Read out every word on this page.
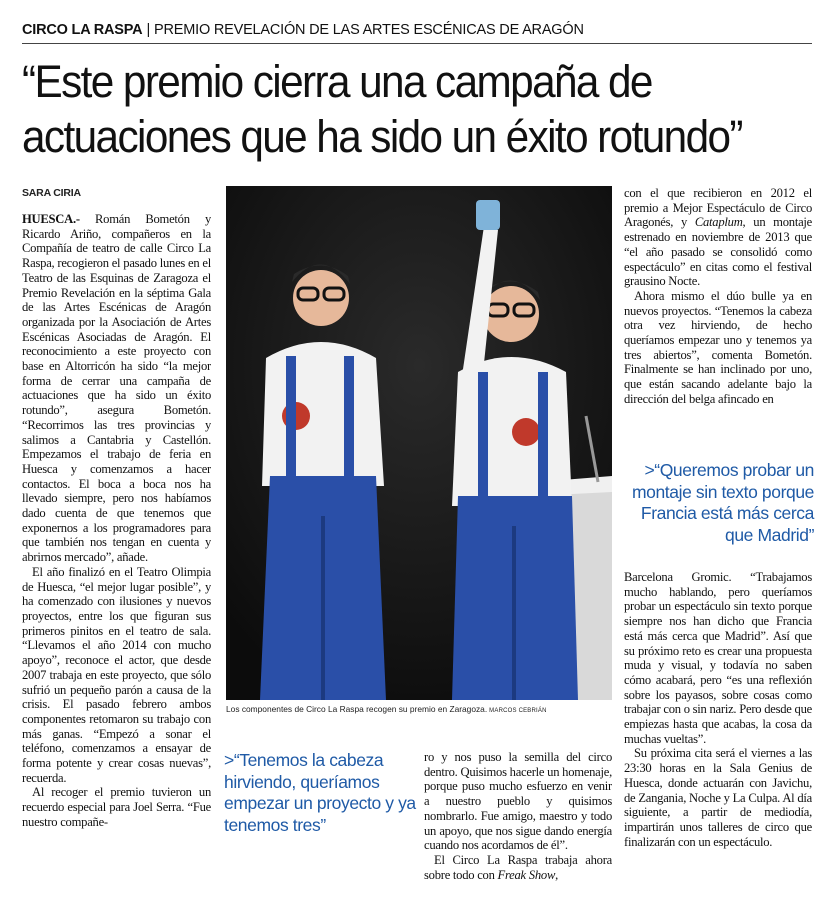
CIRCO LA RASPA | PREMIO REVELACIÓN DE LAS ARTES ESCÉNICAS DE ARAGÓN
“Este premio cierra una campaña de
actuaciones que ha sido un éxito rotundo”
SARA CIRIA

HUESCA.- Román Bometón y Ricardo Ariño, compañeros en la Compañía de teatro de calle Circo La Raspa, recogieron el pasado lunes en el Teatro de las Esquinas de Zaragoza el Premio Revelación en la séptima Gala de las Artes Escénicas de Aragón organizada por la Asociación de Artes Escénicas Asociadas de Aragón. El reconocimiento a este proyecto con base en Altorricón ha sido “la mejor forma de cerrar una campaña de actuaciones que ha sido un éxito rotundo”, asegura Bometón. “Recorrimos las tres provincias y salimos a Cantabria y Castellón. Empezamos el trabajo de feria en Huesca y comenzamos a hacer contactos. El boca a boca nos ha llevado siempre, pero nos habíamos dado cuenta de que tenemos que exponernos a los programadores para que también nos tengan en cuenta y abrirnos mercado”, añade.

El año finalizó en el Teatro Olimpia de Huesca, “el mejor lugar posible”, y ha comenzado con ilusiones y nuevos proyectos, entre los que figuran sus primeros pinitos en el teatro de sala. “Llevamos el año 2014 con mucho apoyo”, reconoce el actor, que desde 2007 trabaja en este proyecto, que sólo sufrió un pequeño parón a causa de la crisis. El pasado febrero ambos componentes retomaron su trabajo con más ganas. “Empezó a sonar el teléfono, comenzamos a ensayar de forma potente y crear cosas nuevas”, recuerda.

Al recoger el premio tuvieron un recuerdo especial para Joel Serra. “Fue nuestro compañe-

Los componentes de Circo La Raspa recogen su premio en Zaragoza. MARCOS CEBRIÁN
>“Tenemos la cabeza hirviendo, queríamos empezar un proyecto y ya tenemos tres”

ro y nos puso la semilla del circo dentro. Quisimos hacerle un homenaje, porque puso mucho esfuerzo en venir a nuestro pueblo y quisimos nombrarlo. Fue amigo, maestro y todo un apoyo, que nos sigue dando energía cuando nos acordamos de él”.

El Circo La Raspa trabaja ahora sobre todo con Freak Show,

con el que recibieron en 2012 el premio a Mejor Espectáculo de Circo Aragonés, y Cataplum, un montaje estrenado en noviembre de 2013 que “el año pasado se consolidó como espectáculo” en citas como el festival grausino Nocte.

Ahora mismo el dúo bulle ya en nuevos proyectos. “Tenemos la cabeza otra vez hirviendo, de hecho queríamos empezar uno y tenemos ya tres abiertos”, comenta Bometón. Finalmente se han inclinado por uno, que están sacando adelante bajo la dirección del belga afincado en

>“Queremos probar un montaje sin texto porque Francia está más cerca que Madrid”

Barcelona Gromic. “Trabajamos mucho hablando, pero queríamos probar un espectáculo sin texto porque siempre nos han dicho que Francia está más cerca que Madrid”. Así que su próximo reto es crear una propuesta muda y visual, y todavía no saben cómo acabará, pero “es una reflexión sobre los payasos, sobre cosas como trabajar con o sin nariz. Pero desde que empiezas hasta que acabas, la cosa da muchas vueltas”.

Su próxima cita será el viernes a las 23:30 horas en la Sala Genius de Huesca, donde actuarán con Javichu, de Zangania, Noche y La Culpa. Al día siguiente, a partir de mediodía, impartirán unos talleres de circo que finalizarán con un espectáculo.
